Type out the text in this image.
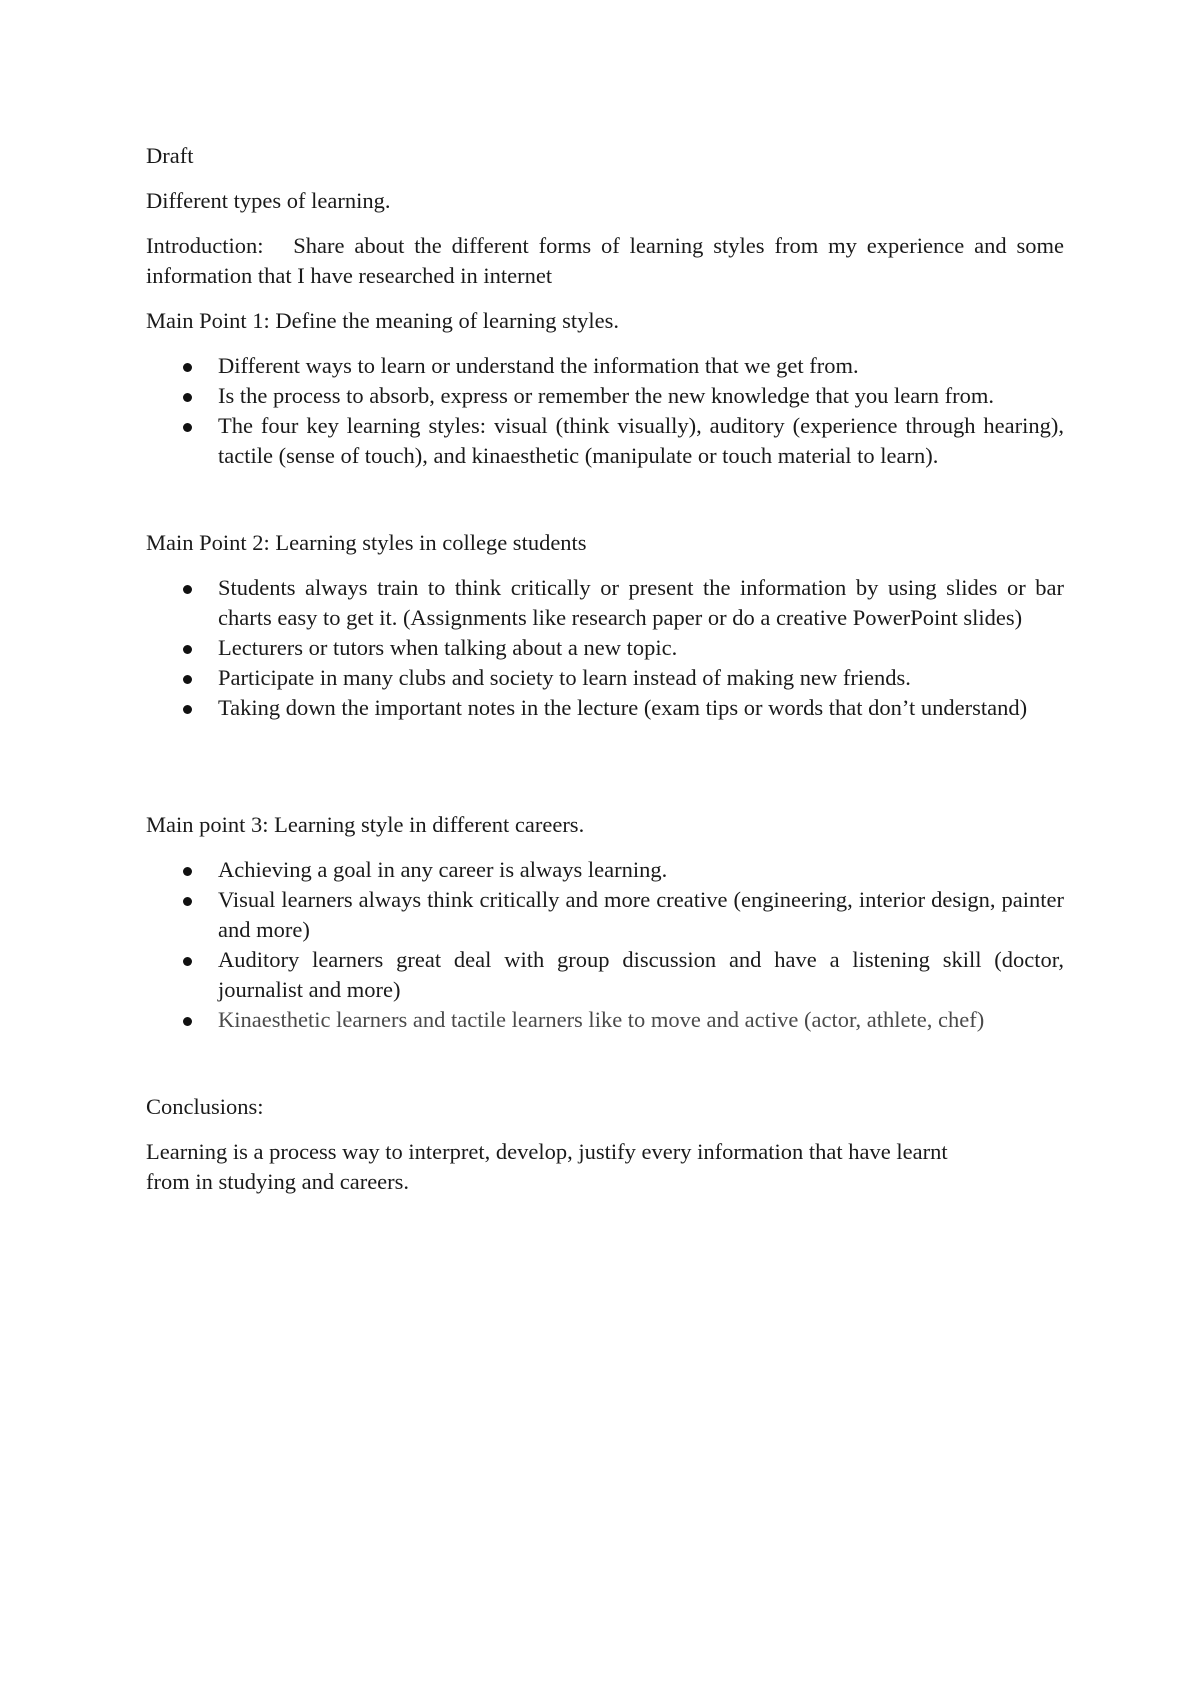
Draft

Different types of learning.

Introduction: Share about the different forms of learning styles from my experience and some information that I have researched in internet

Main Point 1: Define the meaning of learning styles.

Different ways to learn or understand the information that we get from.
Is the process to absorb, express or remember the new knowledge that you learn from.
The four key learning styles: visual (think visually), auditory (experience through hearing), tactile (sense of touch), and kinaesthetic (manipulate or touch material to learn).

Main Point 2: Learning styles in college students

Students always train to think critically or present the information by using slides or bar charts easy to get it. (Assignments like research paper or do a creative PowerPoint slides)
Lecturers or tutors when talking about a new topic.
Participate in many clubs and society to learn instead of making new friends.
Taking down the important notes in the lecture (exam tips or words that don’t understand)

Main point 3: Learning style in different careers.

Achieving a goal in any career is always learning.
Visual learners always think critically and more creative (engineering, interior design, painter and more)
Auditory learners great deal with group discussion and have a listening skill (doctor, journalist and more)
Kinaesthetic learners and tactile learners like to move and active (actor, athlete, chef)

Conclusions:

Learning is a process way to interpret, develop, justify every information that have learnt
from in studying and careers.
